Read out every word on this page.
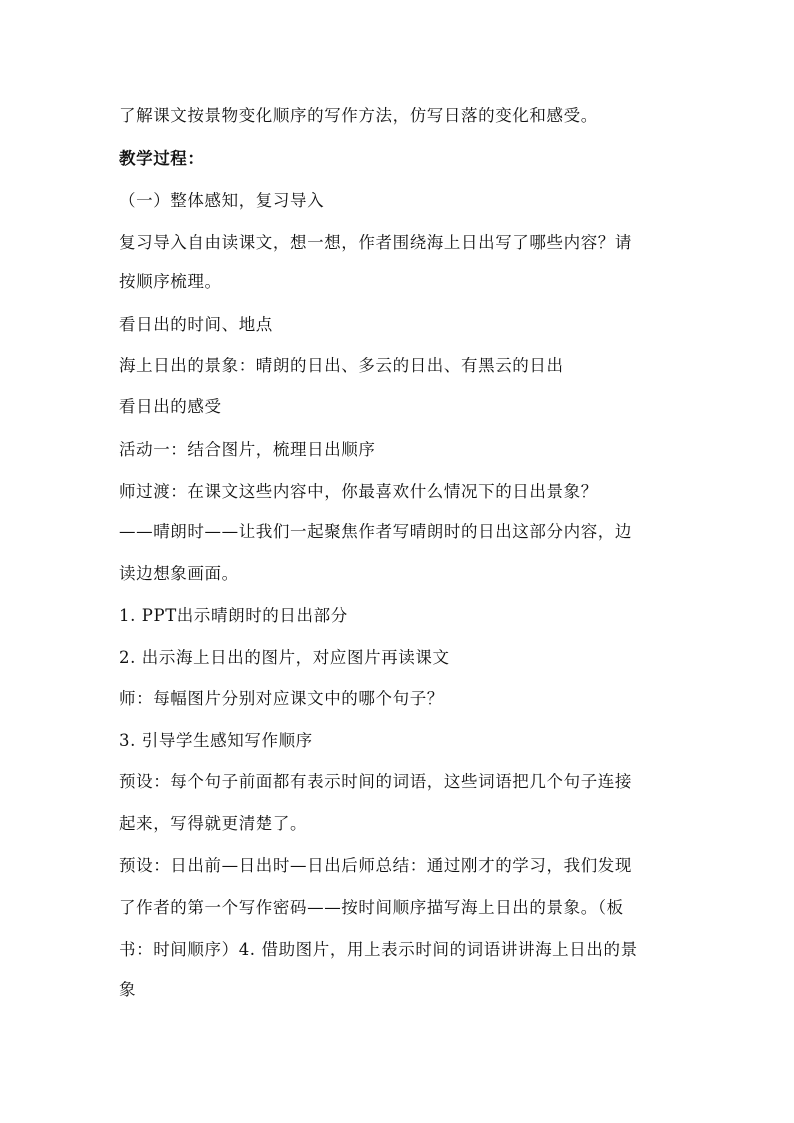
了解课文按景物变化顺序的写作方法，仿写日落的变化和感受。
教学过程：
（一）整体感知，复习导入
复习导入自由读课文，想一想，作者围绕海上日出写了哪些内容？请
按顺序梳理。
看日出的时间、地点
海上日出的景象：晴朗的日出、多云的日出、有黑云的日出
看日出的感受
活动一：结合图片，梳理日出顺序
师过渡：在课文这些内容中，你最喜欢什么情况下的日出景象？
——晴朗时——让我们一起聚焦作者写晴朗时的日出这部分内容，边
读边想象画面。
1. PPT出示晴朗时的日出部分
2. 出示海上日出的图片，对应图片再读课文
师：每幅图片分别对应课文中的哪个句子？
3. 引导学生感知写作顺序
预设：每个句子前面都有表示时间的词语，这些词语把几个句子连接
起来，写得就更清楚了。
预设：日出前—日出时—日出后师总结：通过刚才的学习，我们发现
了作者的第一个写作密码——按时间顺序描写海上日出的景象。（板
书：时间顺序）4. 借助图片，用上表示时间的词语讲讲海上日出的景
象
